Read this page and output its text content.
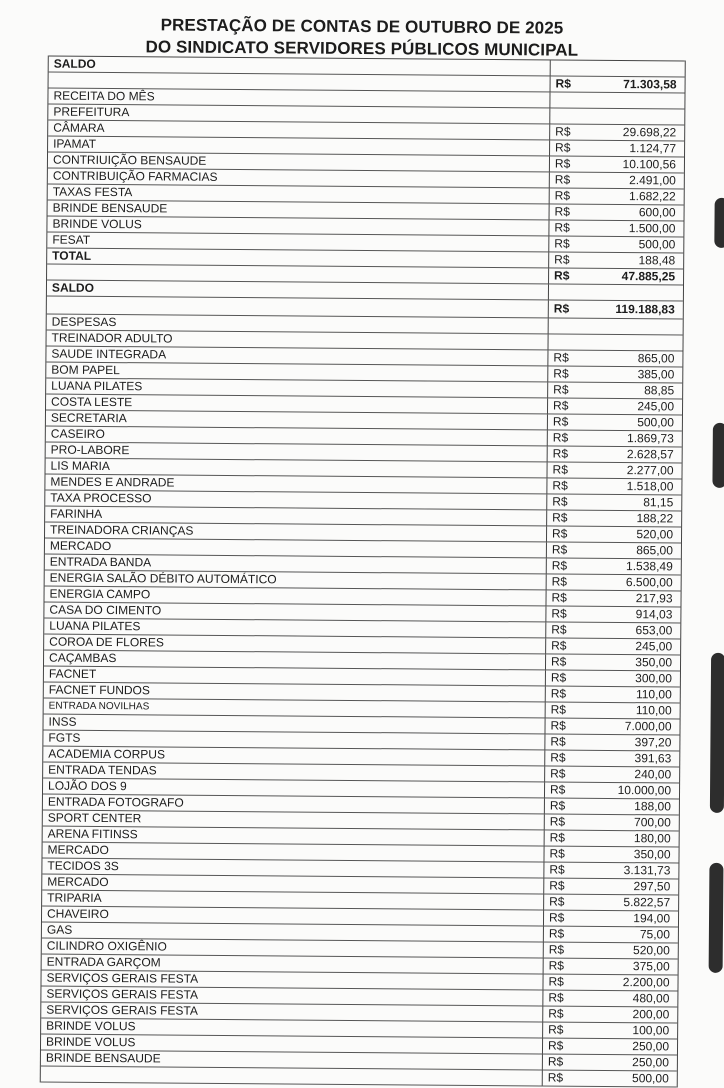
PRESTAÇÃO DE CONTAS DE OUTUBRO DE 2025
DO SINDICATO SERVIDORES PÚBLICOS MUNICIPAL
SALDO
R$	71.303,58
RECEITA DO MÊS
PREFEITURA
CÂMARA	R$	29.698,22
IPAMAT	R$	1.124,77
CONTRIUIÇÃO BENSAUDE	R$	10.100,56
CONTRIBUIÇÃO FARMACIAS	R$	2.491,00
TAXAS FESTA	R$	1.682,22
BRINDE BENSAUDE	R$	600,00
BRINDE VOLUS	R$	1.500,00
FESAT	R$	500,00
TOTAL	R$	188,48
R$	47.885,25
SALDO
R$	119.188,83
DESPESAS
TREINADOR ADULTO
SAUDE INTEGRADA	R$	865,00
BOM PAPEL	R$	385,00
LUANA PILATES	R$	88,85
COSTA LESTE	R$	245,00
SECRETARIA	R$	500,00
CASEIRO	R$	1.869,73
PRO-LABORE	R$	2.628,57
LIS MARIA	R$	2.277,00
MENDES E ANDRADE	R$	1.518,00
TAXA PROCESSO	R$	81,15
FARINHA	R$	188,22
TREINADORA CRIANÇAS	R$	520,00
MERCADO	R$	865,00
ENTRADA BANDA	R$	1.538,49
ENERGIA SALÃO DÉBITO AUTOMÁTICO	R$	6.500,00
ENERGIA CAMPO	R$	217,93
CASA DO CIMENTO	R$	914,03
LUANA PILATES	R$	653,00
COROA DE FLORES	R$	245,00
CAÇAMBAS	R$	350,00
FACNET	R$	300,00
FACNET FUNDOS	R$	110,00
ENTRADA NOVILHAS	R$	110,00
INSS	R$	7.000,00
FGTS	R$	397,20
ACADEMIA CORPUS	R$	391,63
ENTRADA TENDAS	R$	240,00
LOJÃO DOS 9	R$	10.000,00
ENTRADA FOTOGRAFO	R$	188,00
SPORT CENTER	R$	700,00
ARENA FITINSS	R$	180,00
MERCADO	R$	350,00
TECIDOS 3S	R$	3.131,73
MERCADO	R$	297,50
TRIPARIA	R$	5.822,57
CHAVEIRO	R$	194,00
GAS	R$	75,00
CILINDRO OXIGÊNIO	R$	520,00
ENTRADA GARÇOM	R$	375,00
SERVIÇOS GERAIS FESTA	R$	2.200,00
SERVIÇOS GERAIS FESTA	R$	480,00
SERVIÇOS GERAIS FESTA	R$	200,00
BRINDE VOLUS	R$	100,00
BRINDE VOLUS	R$	250,00
BRINDE BENSAUDE	R$	250,00
R$	500,00
